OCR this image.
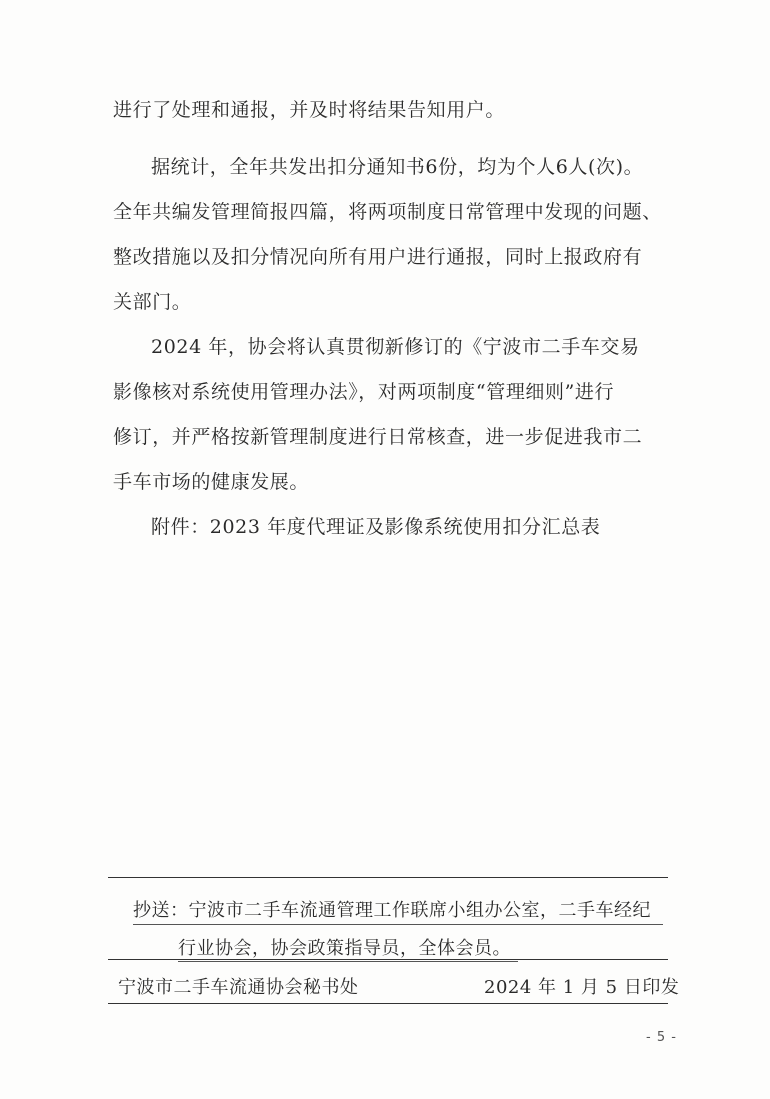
进行了处理和通报，并及时将结果告知用户。
据统计，全年共发出扣分通知书6份，均为个人6人(次)。
全年共编发管理简报四篇，将两项制度日常管理中发现的问题、
整改措施以及扣分情况向所有用户进行通报，同时上报政府有
关部门。
2024 年，协会将认真贯彻新修订的《宁波市二手车交易
影像核对系统使用管理办法》，对两项制度“管理细则”进行
修订，并严格按新管理制度进行日常核查，进一步促进我市二
手车市场的健康发展。
附件：2023 年度代理证及影像系统使用扣分汇总表
抄送：宁波市二手车流通管理工作联席小组办公室，二手车经纪
行业协会，协会政策指导员，全体会员。
宁波市二手车流通协会秘书处	2024 年 1 月 5 日印发
- 5 -
